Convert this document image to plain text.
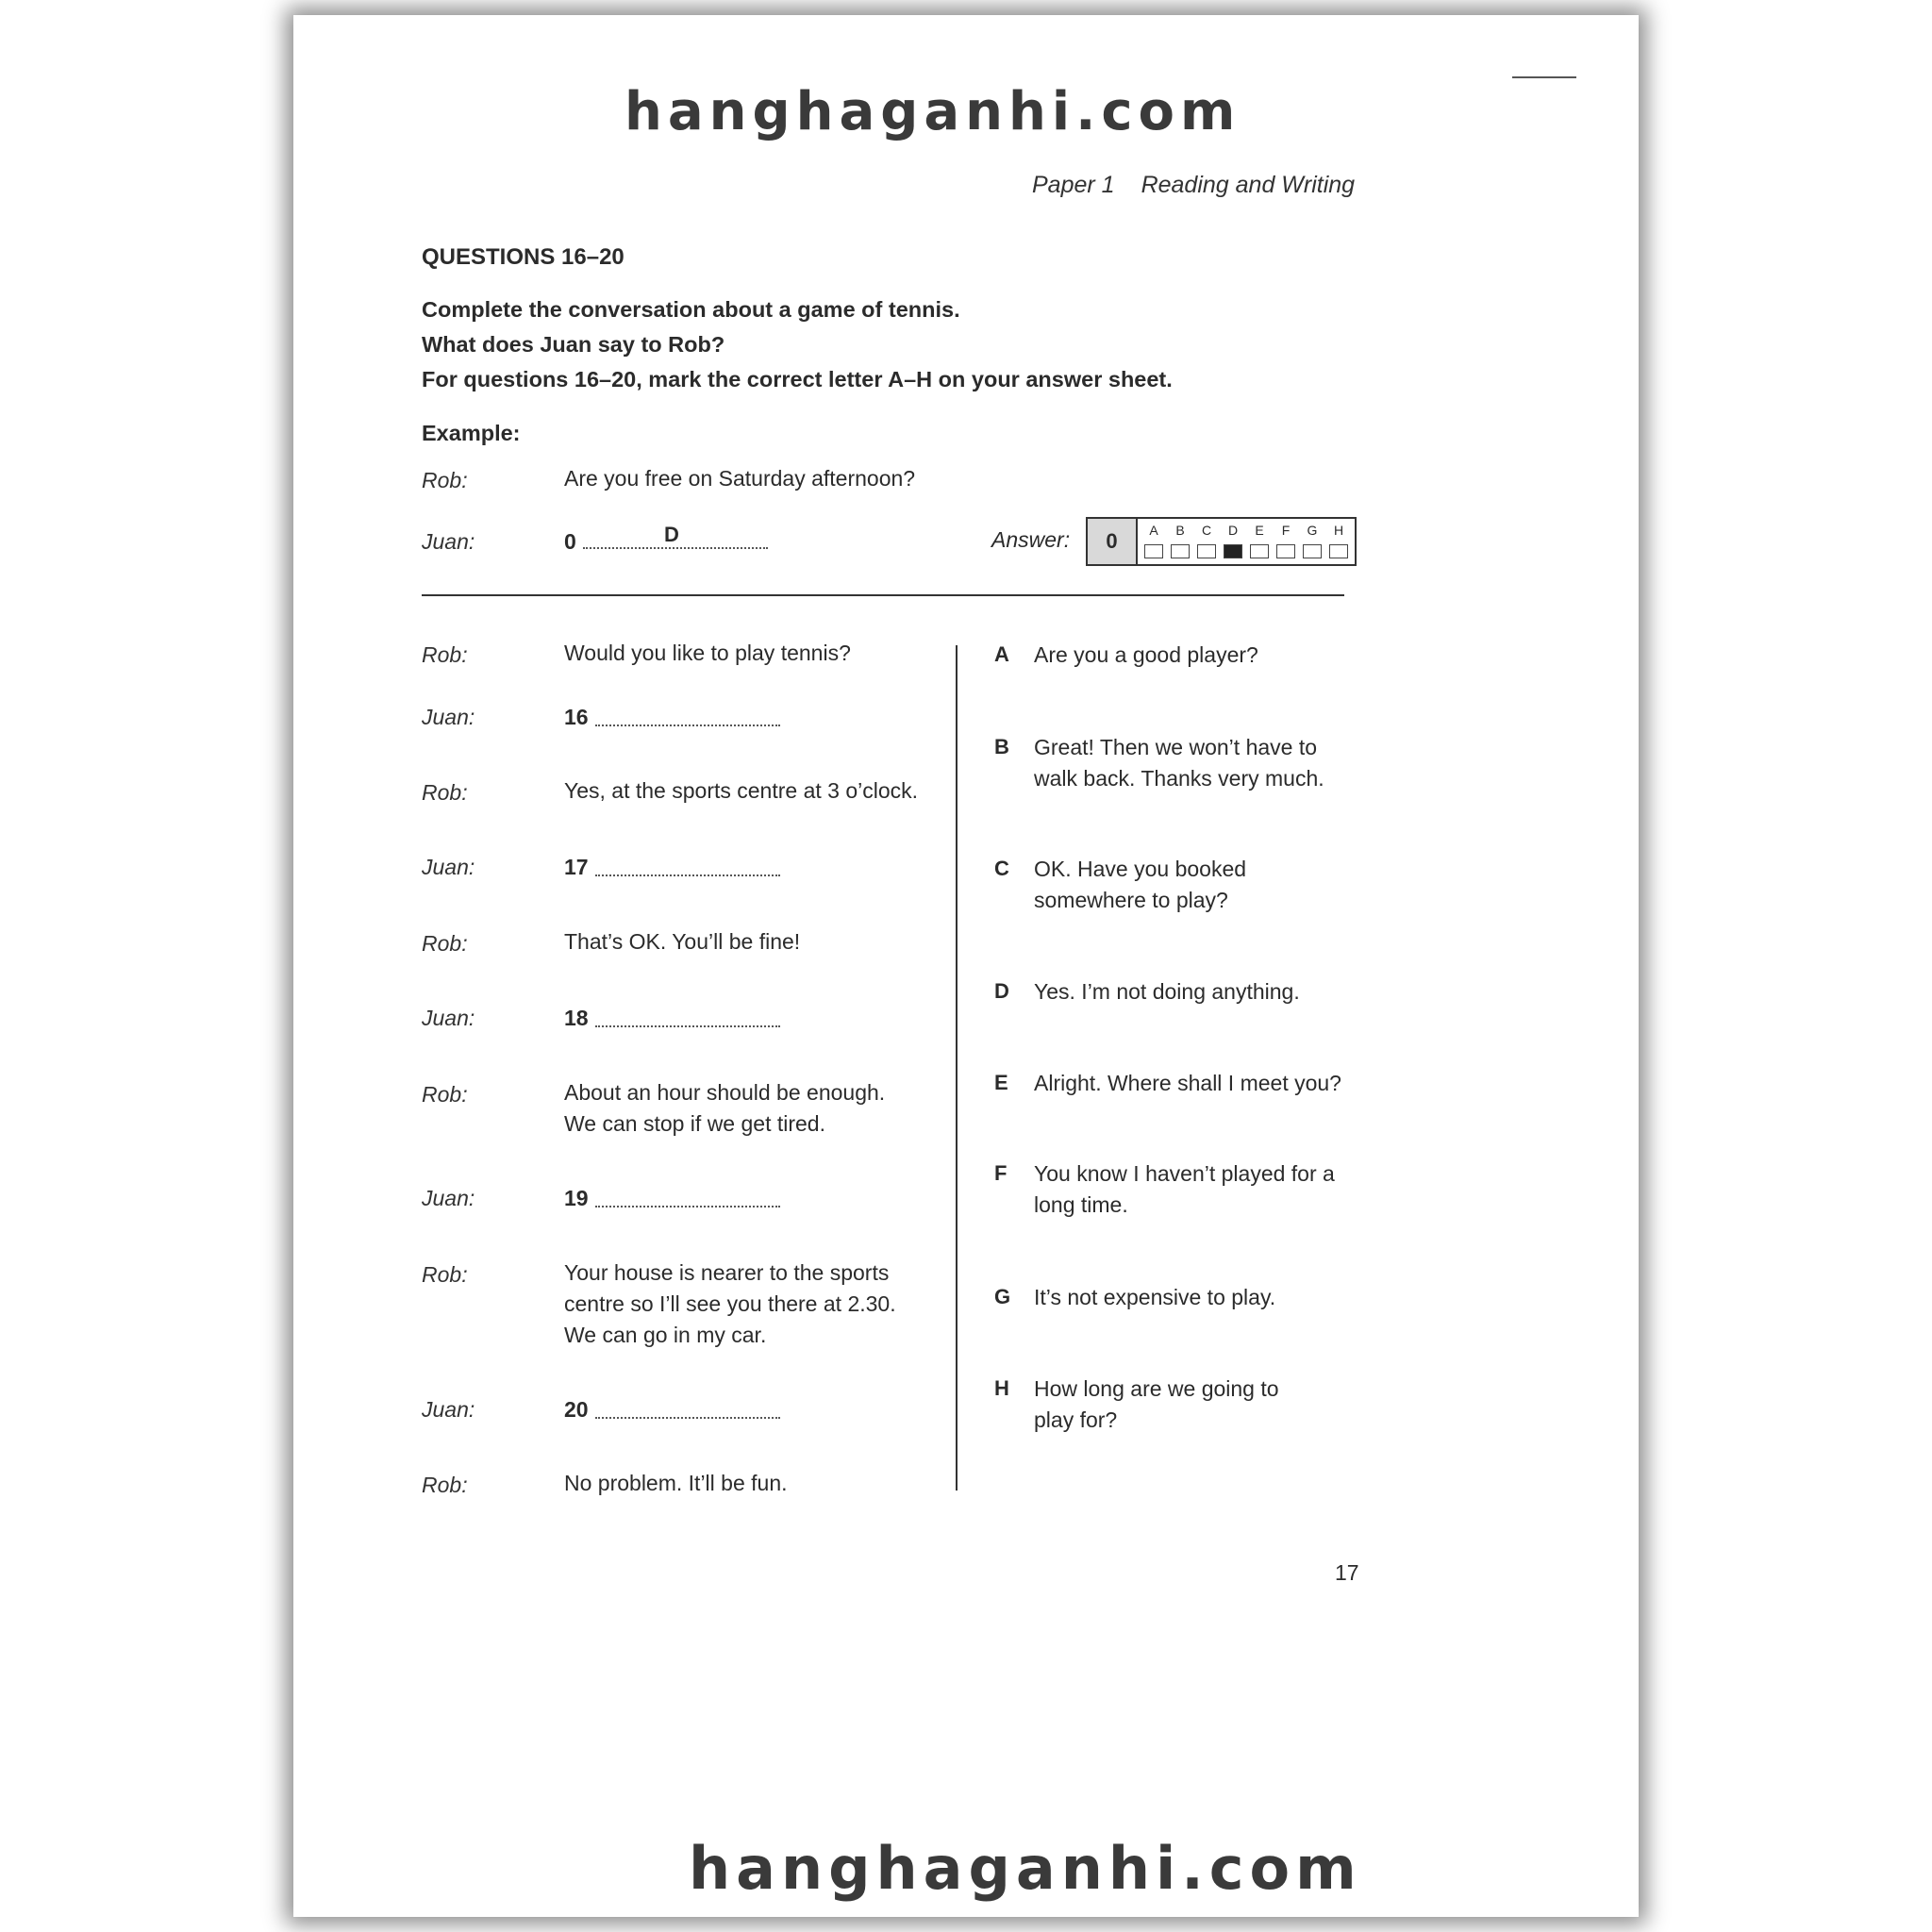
hanghaganhi.com
Paper 1 Reading and Writing
QUESTIONS 16–20
Complete the conversation about a game of tennis.
What does Juan say to Rob?
For questions 16–20, mark the correct letter A–H on your answer sheet.
Example:
Rob:	Are you free on Saturday afternoon?
Juan:	0	D	Answer:	0	A	B	C	D	E	F	G	H
Rob:	Would you like to play tennis?
Juan:	16
Rob:	Yes, at the sports centre at 3 o’clock.
Juan:	17
Rob:	That’s OK. You’ll be fine!
Juan:	18
Rob:	About an hour should be enough.
We can stop if we get tired.
Juan:	19
Rob:	Your house is nearer to the sports
centre so I’ll see you there at 2.30.
We can go in my car.
Juan:	20
Rob:	No problem. It’ll be fun.
A Are you a good player?
B Great! Then we won’t have to
walk back. Thanks very much.
C OK. Have you booked
somewhere to play?
D Yes. I’m not doing anything.
E Alright. Where shall I meet you?
F You know I haven’t played for a
long time.
G It’s not expensive to play.
H How long are we going to
play for?
17
hanghaganhi.com
